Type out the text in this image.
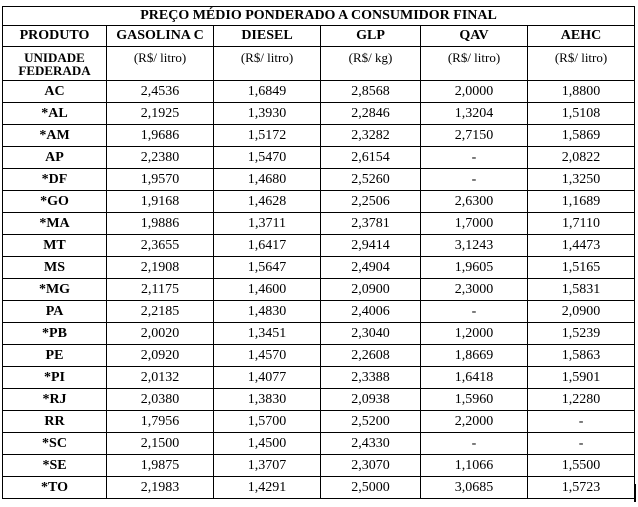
PREÇO MÉDIO PONDERADO A CONSUMIDOR FINAL					
PRODUTO	GASOLINA C	DIESEL	GLP	QAV	AEHC

UNIDADE
FEDERADA	(R$/ litro)	(R$/ litro)	(R$/ kg)	(R$/ litro)	(R$/ litro)
AC	2,4536	1,6849	2,8568	2,0000	1,8800
*AL	2,1925	1,3930	2,2846	1,3204	1,5108
*AM	1,9686	1,5172	2,3282	2,7150	1,5869
AP	2,2380	1,5470	2,6154	-	2,0822
*DF	1,9570	1,4680	2,5260	-	1,3250
*GO	1,9168	1,4628	2,2506	2,6300	1,1689
*MA	1,9886	1,3711	2,3781	1,7000	1,7110
MT	2,3655	1,6417	2,9414	3,1243	1,4473
MS	2,1908	1,5647	2,4904	1,9605	1,5165
*MG	2,1175	1,4600	2,0900	2,3000	1,5831
PA	2,2185	1,4830	2,4006	-	2,0900
*PB	2,0020	1,3451	2,3040	1,2000	1,5239
PE	2,0920	1,4570	2,2608	1,8669	1,5863
*PI	2,0132	1,4077	2,3388	1,6418	1,5901
*RJ	2,0380	1,3830	2,0938	1,5960	1,2280
RR	1,7956	1,5700	2,5200	2,2000	-
*SC	2,1500	1,4500	2,4330	-	-
*SE	1,9875	1,3707	2,3070	1,1066	1,5500
*TO	2,1983	1,4291	2,5000	3,0685	1,5723
